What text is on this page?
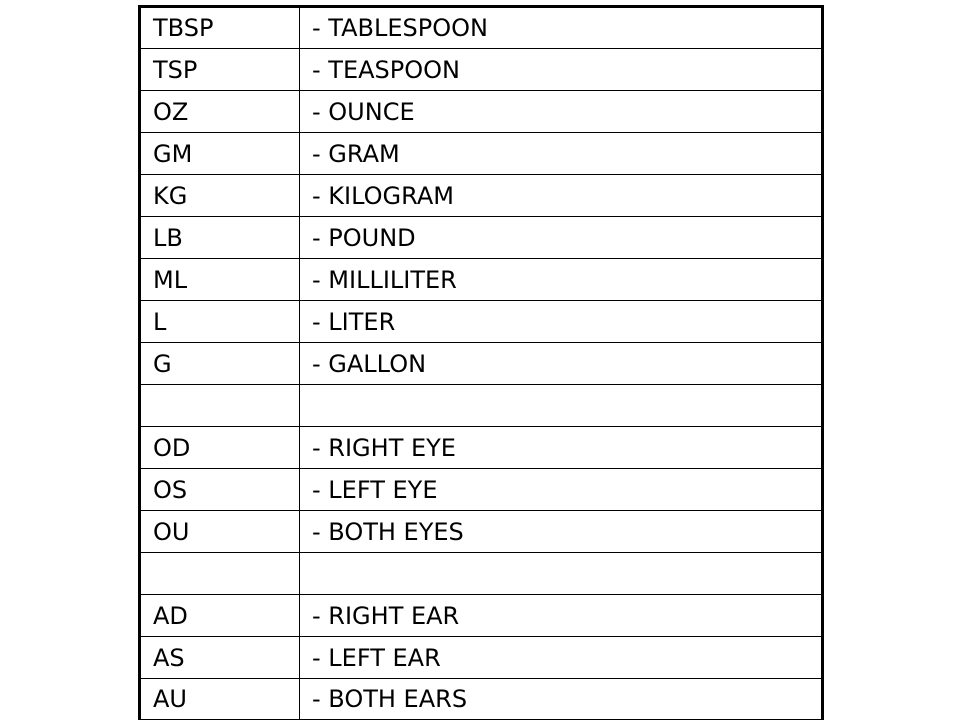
TBSP	- TABLESPOON
TSP	- TEASPOON
OZ	- OUNCE
GM	- GRAM
KG	- KILOGRAM
LB	- POUND
ML	- MILLILITER
L	- LITER
G	- GALLON

OD	- RIGHT EYE
OS	- LEFT EYE
OU	- BOTH EYES

AD	- RIGHT EAR
AS	- LEFT EAR
AU	- BOTH EARS
